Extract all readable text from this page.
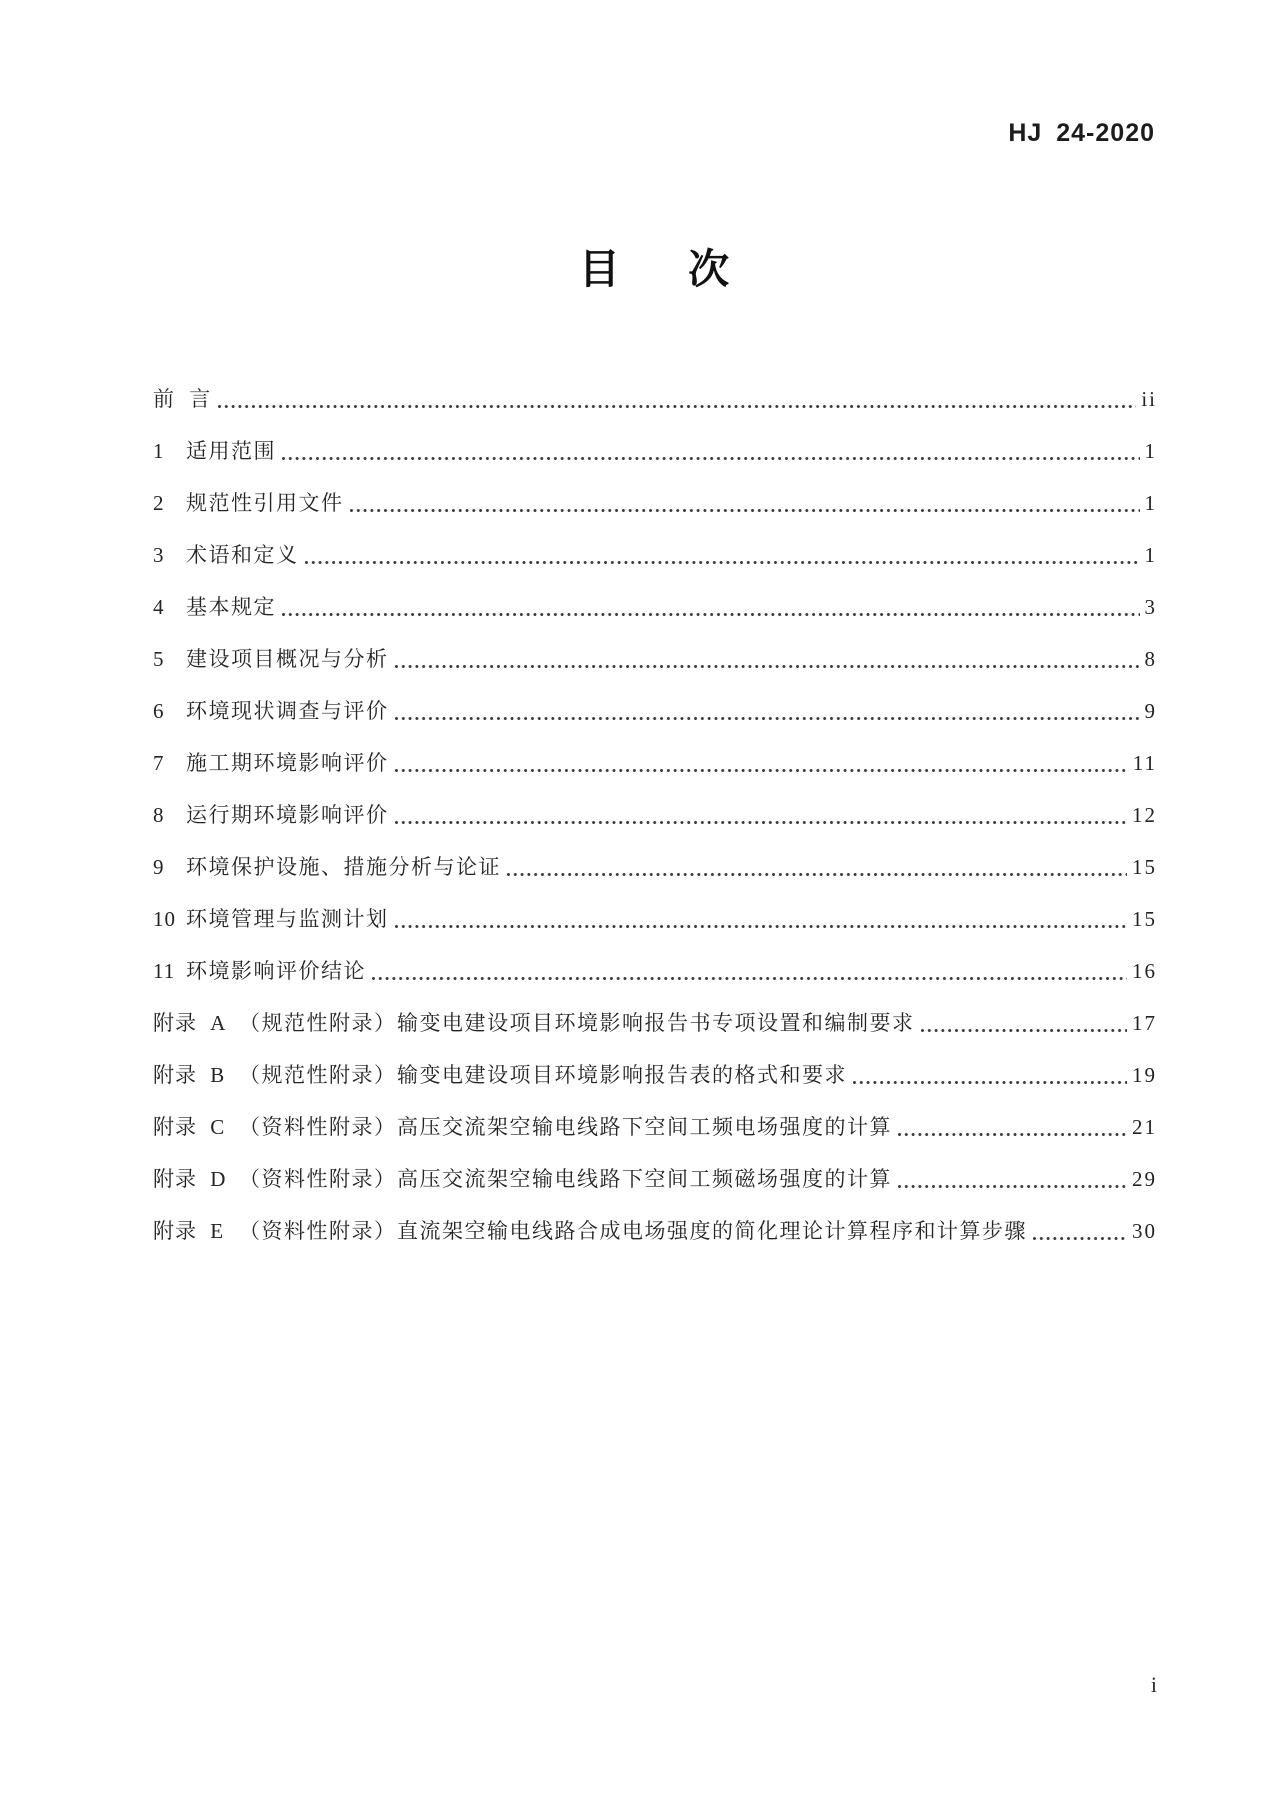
HJ 24-2020
目 次
前 言	ii
1	适用范围	1
2	规范性引用文件	1
3	术语和定义	1
4	基本规定	3
5	建设项目概况与分析	8
6	环境现状调查与评价	9
7	施工期环境影响评价	11
8	运行期环境影响评价	12
9	环境保护设施、措施分析与论证	15
10 环境管理与监测计划	15
11 环境影响评价结论	16
附录 A （规范性附录） 输变电建设项目环境影响报告书专项设置和编制要求	17
附录 B （规范性附录） 输变电建设项目环境影响报告表的格式和要求	19
附录 C （资料性附录） 高压交流架空输电线路下空间工频电场强度的计算	21
附录 D （资料性附录） 高压交流架空输电线路下空间工频磁场强度的计算	29
附录 E （资料性附录） 直流架空输电线路合成电场强度的简化理论计算程序和计算步骤	30
i
